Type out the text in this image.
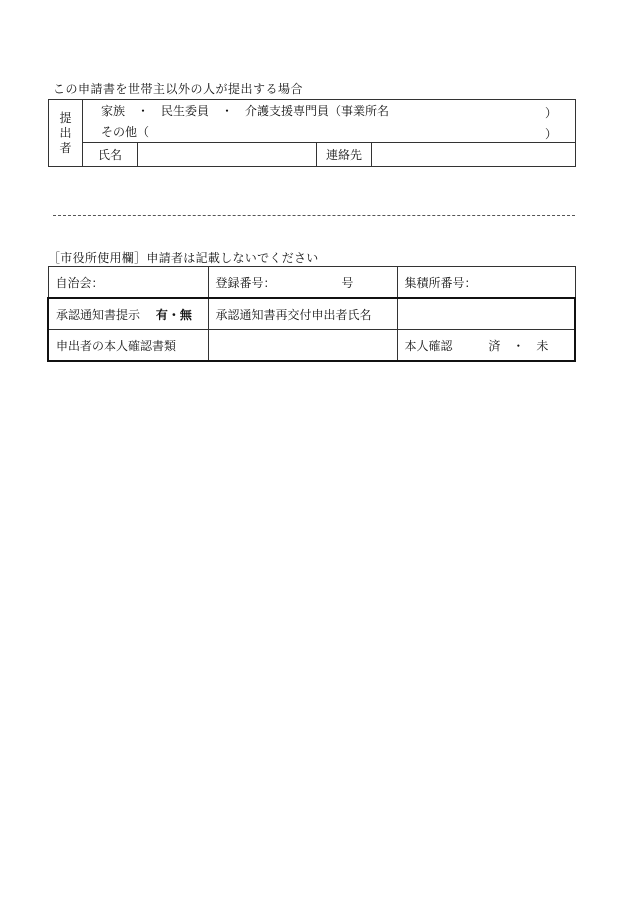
この申請書を世帯主以外の人が提出する場合
提
出
者	家族　・　民生委員　・　介護支援専門員（事業所名 ）			

	その他（ ）			

	氏名		連絡先	
［市役所使用欄］申請者は記載しないでください
自治会：	登録番号： 号	集積所番号：
承認通知書提示 有・無	承認通知書再交付申出者氏名	
申出者の本人確認書類		本人確認 済　・　未
